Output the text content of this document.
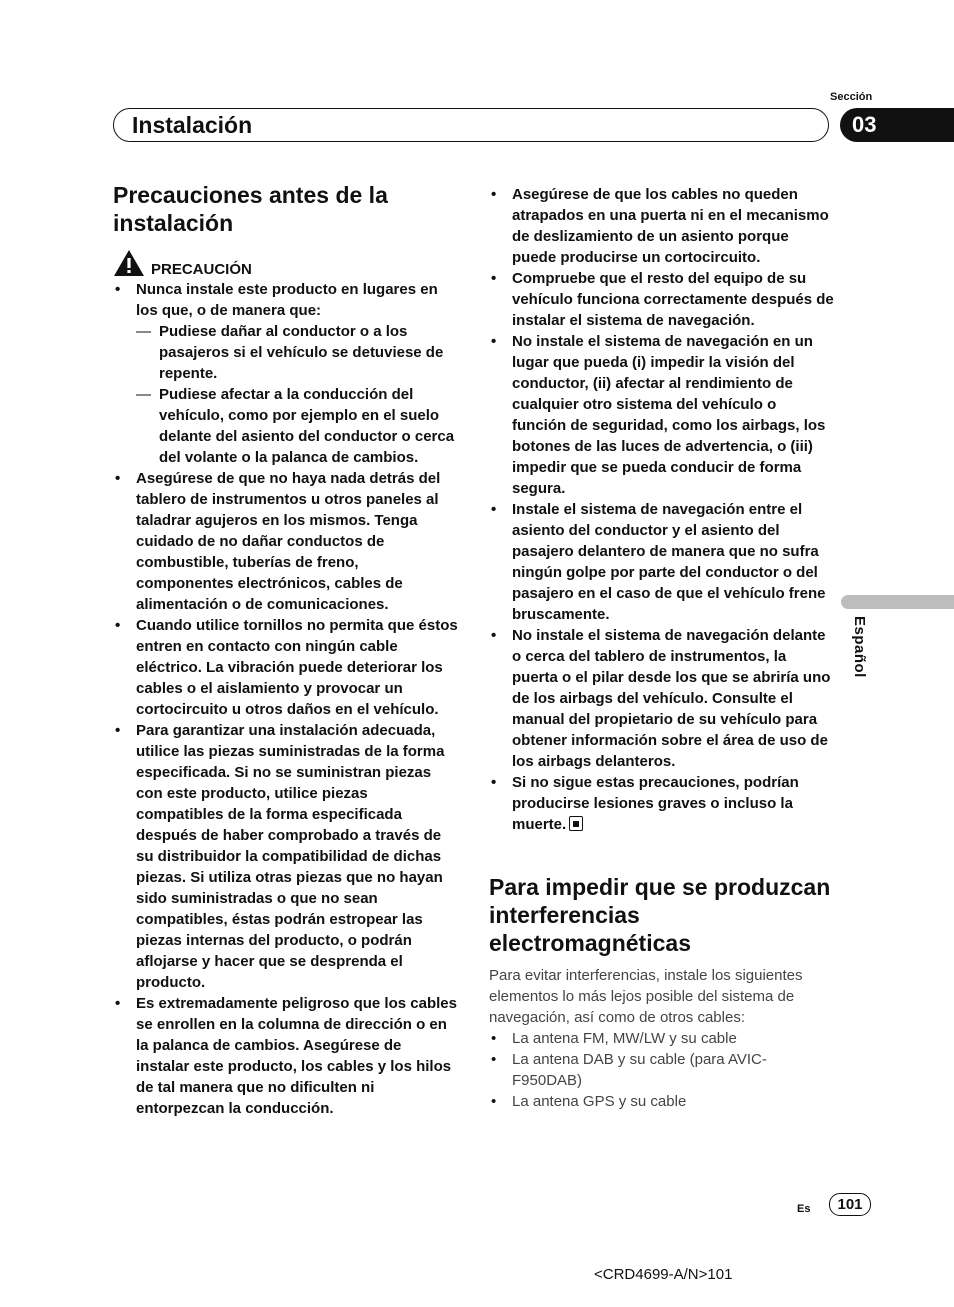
Sección
Instalación	03
Español
Precauciones antes de la instalación
PRECAUCIÓN
• Nunca instale este producto en lugares en los que, o de manera que:
— Pudiese dañar al conductor o a los pasajeros si el vehículo se detuviese de repente.
— Pudiese afectar a la conducción del vehículo, como por ejemplo en el suelo delante del asiento del conductor o cerca del volante o la palanca de cambios.
• Asegúrese de que no haya nada detrás del tablero de instrumentos u otros paneles al taladrar agujeros en los mismos. Tenga cuidado de no dañar conductos de combustible, tuberías de freno, componentes electrónicos, cables de alimentación o de comunicaciones.
• Cuando utilice tornillos no permita que éstos entren en contacto con ningún cable eléctrico. La vibración puede deteriorar los cables o el aislamiento y provocar un cortocircuito u otros daños en el vehículo.
• Para garantizar una instalación adecuada, utilice las piezas suministradas de la forma especificada. Si no se suministran piezas con este producto, utilice piezas compatibles de la forma especificada después de haber comprobado a través de su distribuidor la compatibilidad de dichas piezas. Si utiliza otras piezas que no hayan sido suministradas o que no sean compatibles, éstas podrán estropear las piezas internas del producto, o podrán aflojarse y hacer que se desprenda el producto.
• Es extremadamente peligroso que los cables se enrollen en la columna de dirección o en la palanca de cambios. Asegúrese de instalar este producto, los cables y los hilos de tal manera que no dificulten ni entorpezcan la conducción.
• Asegúrese de que los cables no queden atrapados en una puerta ni en el mecanismo de deslizamiento de un asiento porque puede producirse un cortocircuito.
• Compruebe que el resto del equipo de su vehículo funciona correctamente después de instalar el sistema de navegación.
• No instale el sistema de navegación en un lugar que pueda (i) impedir la visión del conductor, (ii) afectar al rendimiento de cualquier otro sistema del vehículo o función de seguridad, como los airbags, los botones de las luces de advertencia, o (iii) impedir que se pueda conducir de forma segura.
• Instale el sistema de navegación entre el asiento del conductor y el asiento del pasajero delantero de manera que no sufra ningún golpe por parte del conductor o del pasajero en el caso de que el vehículo frene bruscamente.
• No instale el sistema de navegación delante o cerca del tablero de instrumentos, la puerta o el pilar desde los que se abriría uno de los airbags del vehículo. Consulte el manual del propietario de su vehículo para obtener información sobre el área de uso de los airbags delanteros.
• Si no sigue estas precauciones, podrían producirse lesiones graves o incluso la muerte.
Para impedir que se produzcan interferencias electromagnéticas
Para evitar interferencias, instale los siguientes elementos lo más lejos posible del sistema de navegación, así como de otros cables:
• La antena FM, MW/LW y su cable
• La antena DAB y su cable (para AVIC-F950DAB)
• La antena GPS y su cable
Es	101
<CRD4699-A/N>101
